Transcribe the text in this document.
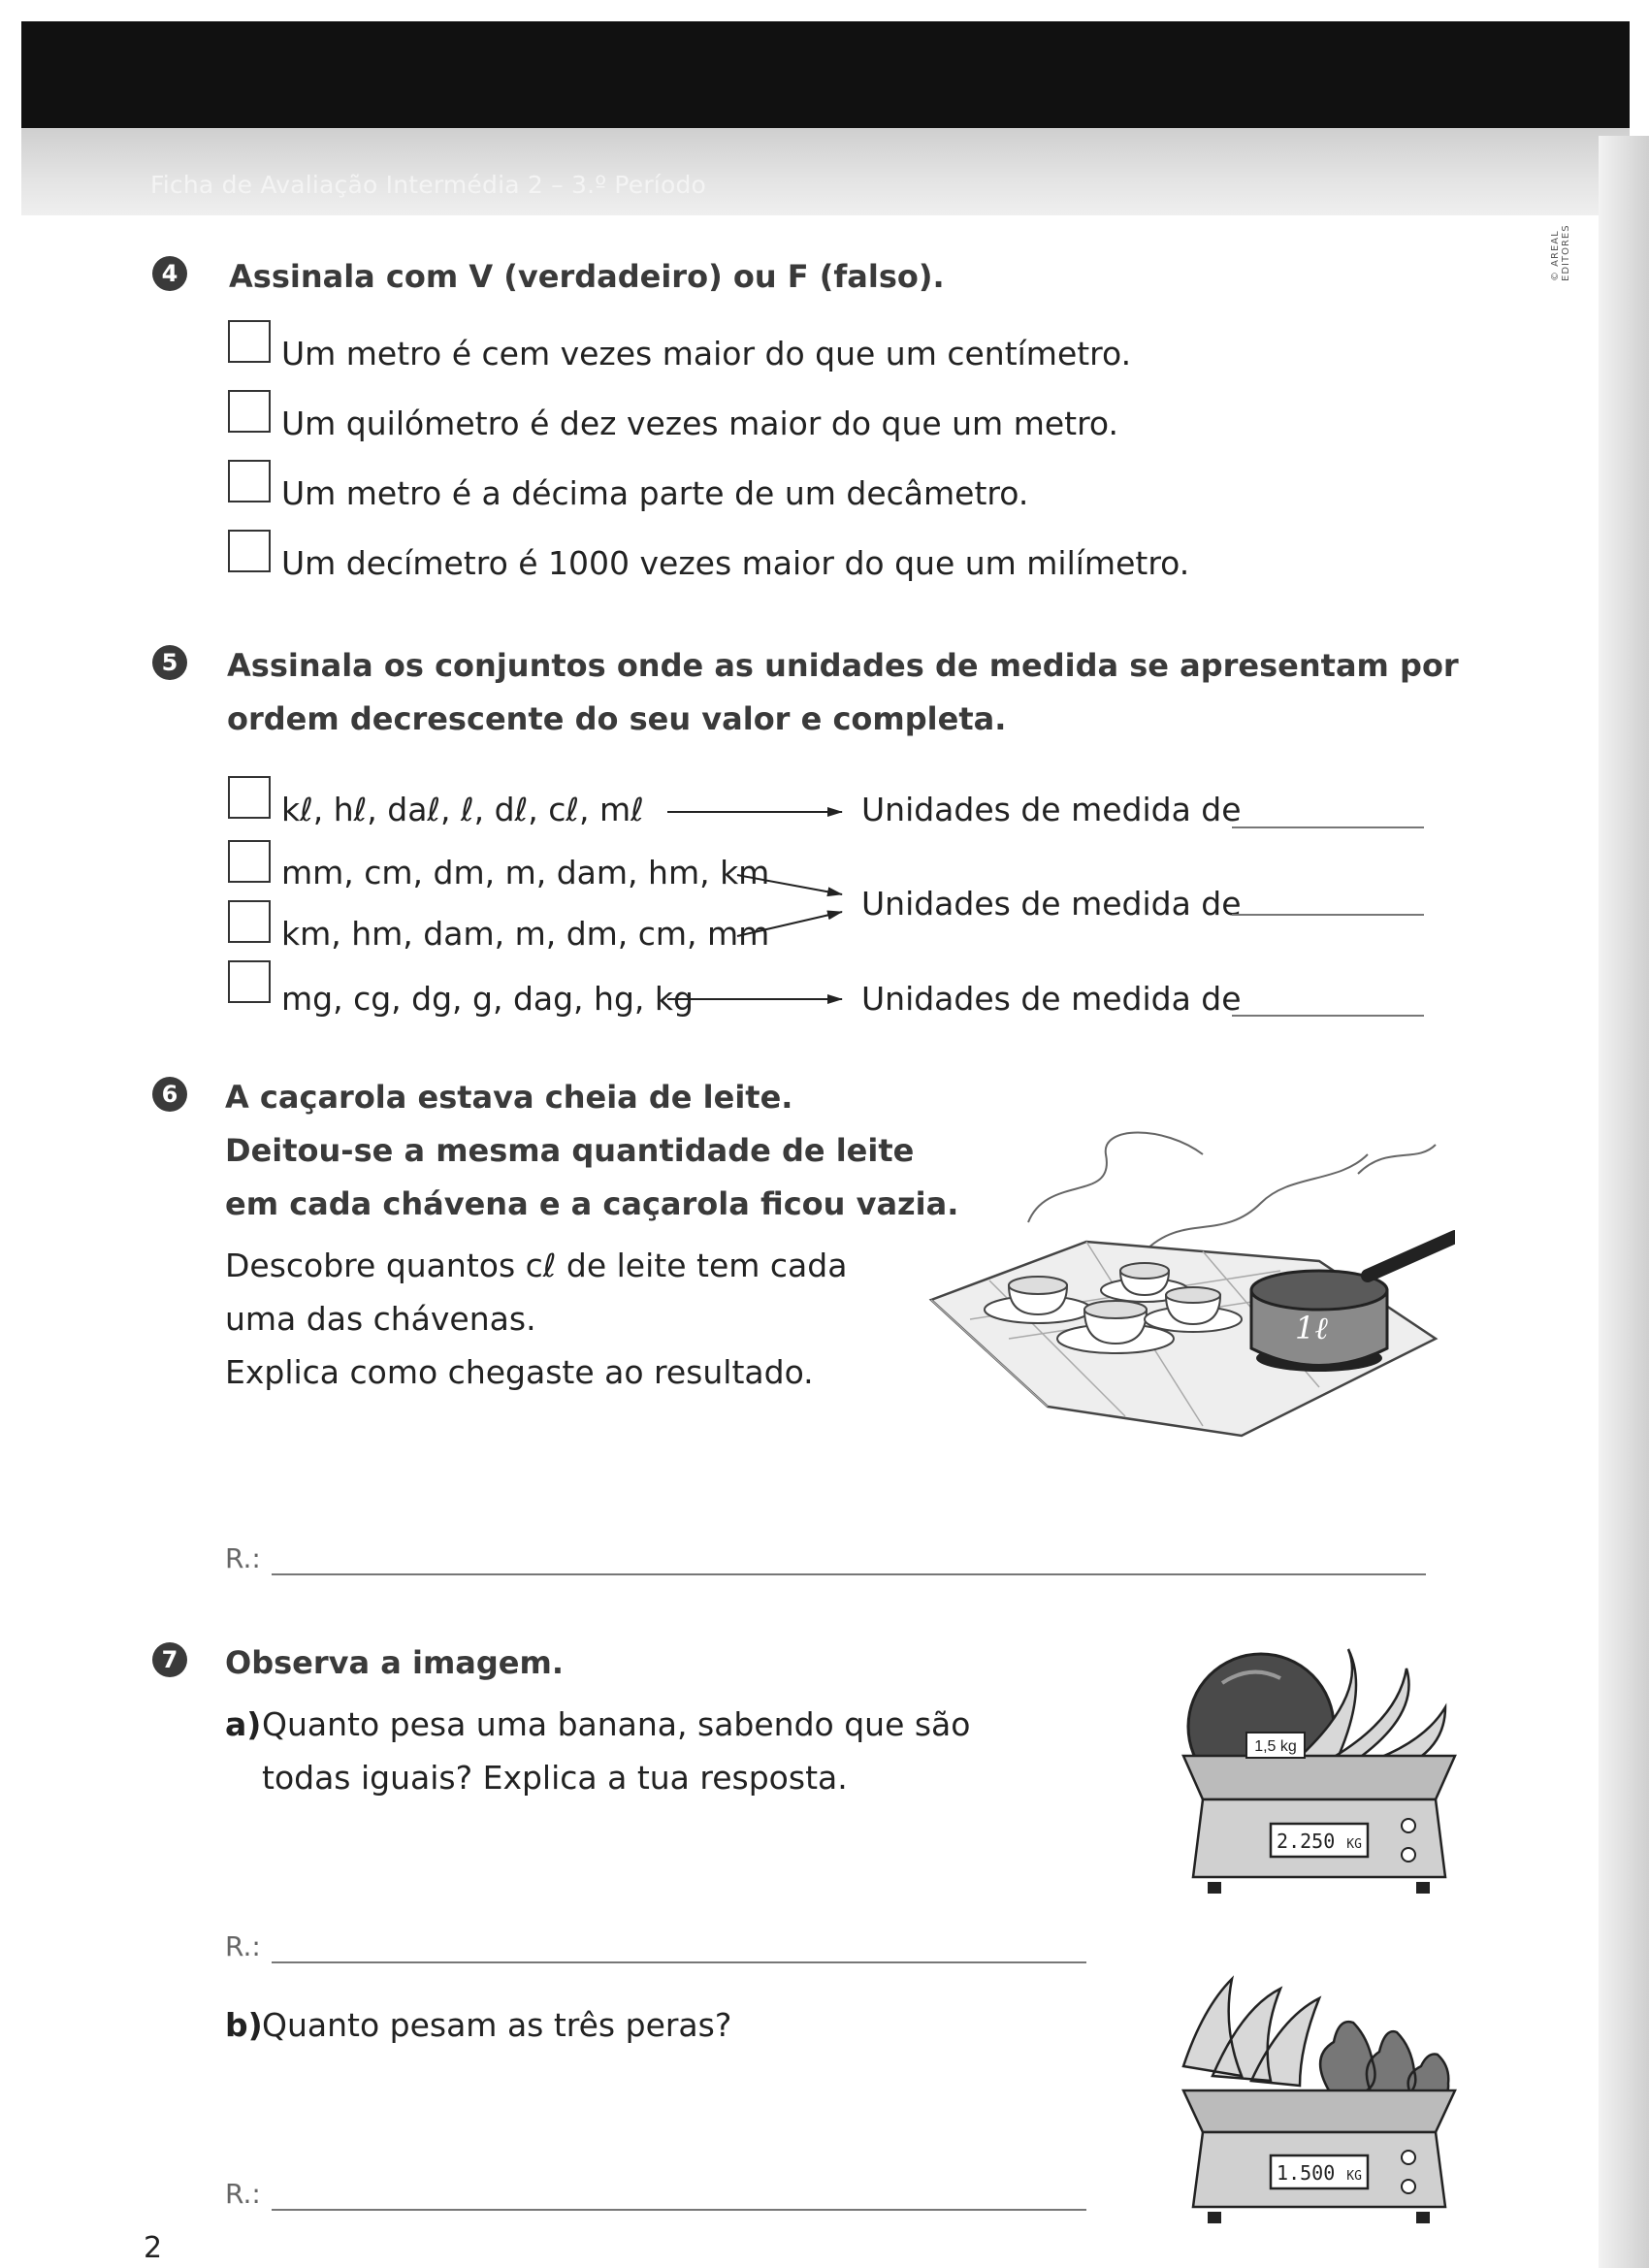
Ficha de Avaliação Intermédia 2 – 3.º Período
© AREAL EDITORES
4	Assinala com V (verdadeiro) ou F (falso).
Um metro é cem vezes maior do que um centímetro.
Um quilómetro é dez vezes maior do que um metro.
Um metro é a décima parte de um decâmetro.
Um decímetro é 1000 vezes maior do que um milímetro.
5	Assinala os conjuntos onde as unidades de medida se apresentam por
ordem decrescente do seu valor e completa.
kℓ, hℓ, daℓ, ℓ, dℓ, cℓ, mℓ
mm, cm, dm, m, dam, hm, km
km, hm, dam, m, dm, cm, mm
mg, cg, dg, g, dag, hg, kg
Unidades de medida de
Unidades de medida de
Unidades de medida de
6	A caçarola estava cheia de leite.
Deitou-se a mesma quantidade de leite
em cada chávena e a caçarola ficou vazia.
Descobre quantos cℓ de leite tem cada
uma das chávenas.
Explica como chegaste ao resultado.
1ℓ
R.:
7	Observa a imagem.
a) Quanto pesa uma banana, sabendo que são
todas iguais? Explica a tua resposta.
R.:
b) Quanto pesam as três peras?
R.:
1,5 kg
2.250 KG
1.500 KG
2
